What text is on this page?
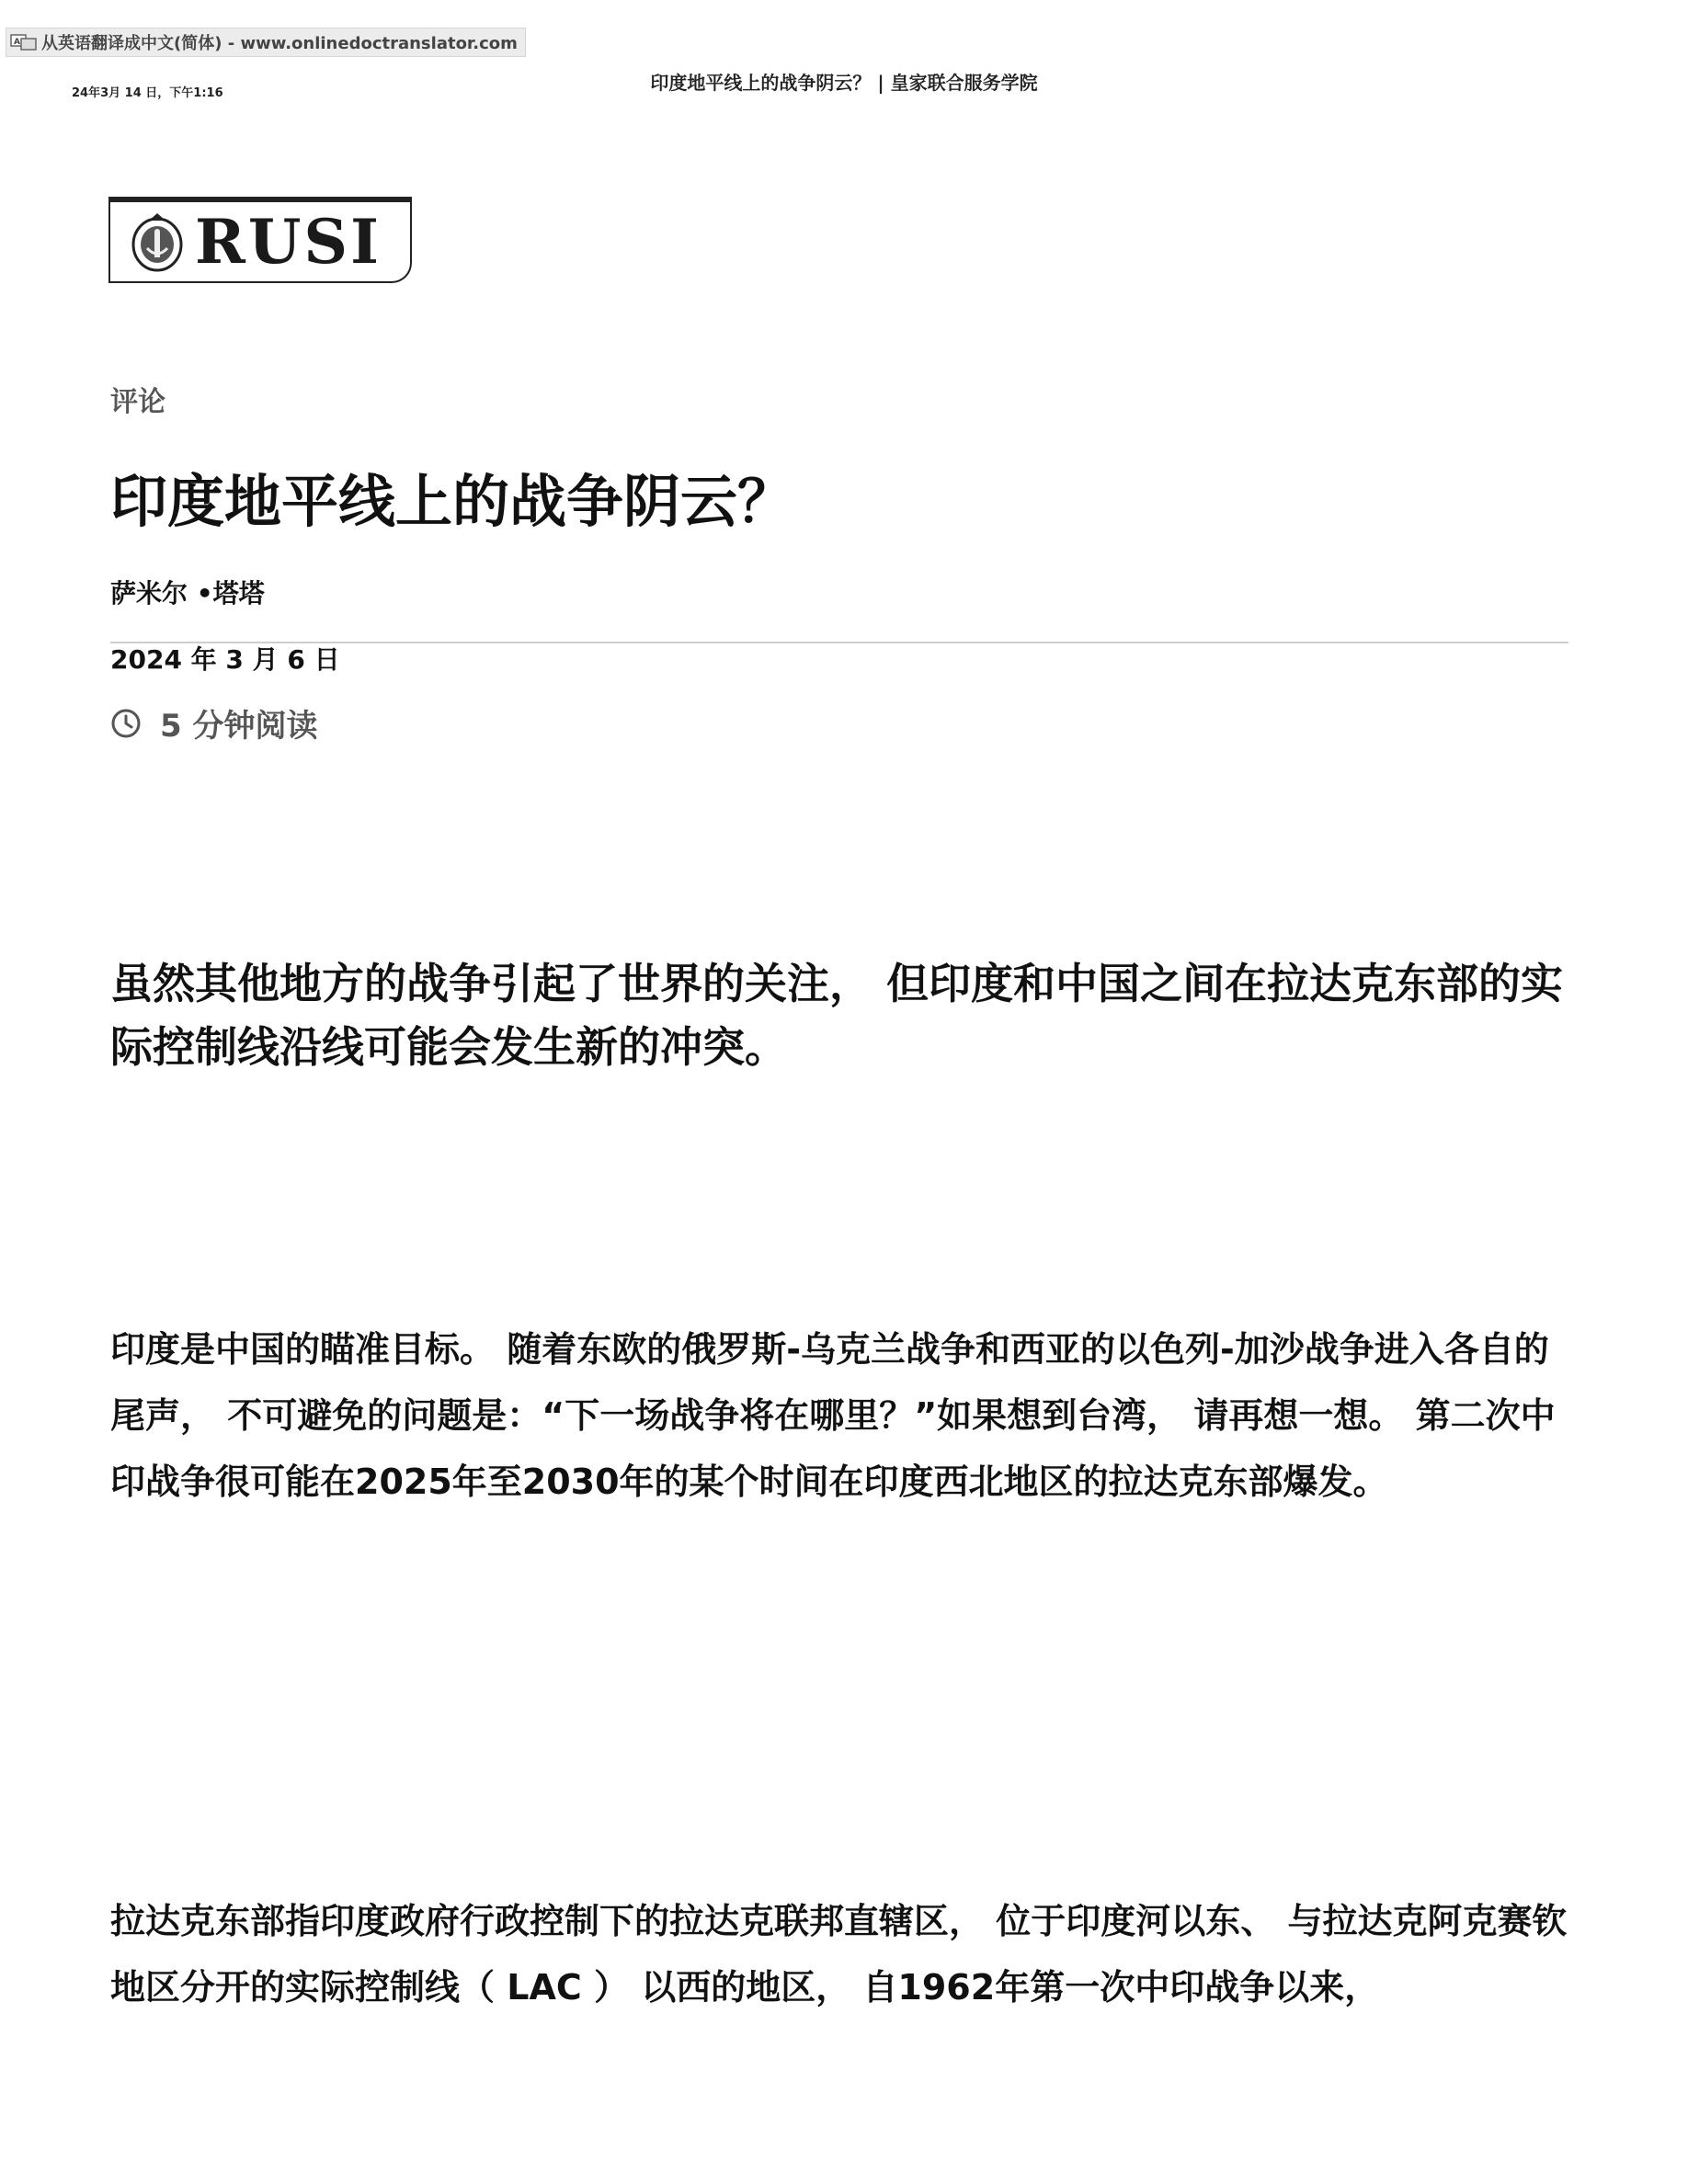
A 从英语翻译成中文(简体) - www.onlinedoctranslator.com
24年3月 14 日，下午1:16	印度地平线上的战争阴云？ | 皇家联合服务学院
RUSI
评论
印度地平线上的战争阴云？
萨米尔 •塔塔
2024 年 3 月 6 日
5 分钟阅读

虽然其他地方的战争引起了世界的关注， 但印度和中国之间在拉达克东部的实际控制线沿线可能会发生新的冲突。

印度是中国的瞄准目标。 随着东欧的俄罗斯-乌克兰战争和西亚的以色列-加沙战争进入各自的尾声， 不可避免的问题是：“下一场战争将在哪里？”如果想到台湾， 请再想一想。 第二次中印战争很可能在2025年至2030年的某个时间在印度西北地区的拉达克东部爆发。

拉达克东部指印度政府行政控制下的拉达克联邦直辖区， 位于印度河以东、 与拉达克阿克赛钦地区分开的实际控制线（ LAC ） 以西的地区， 自1962年第一次中印战争以来，
